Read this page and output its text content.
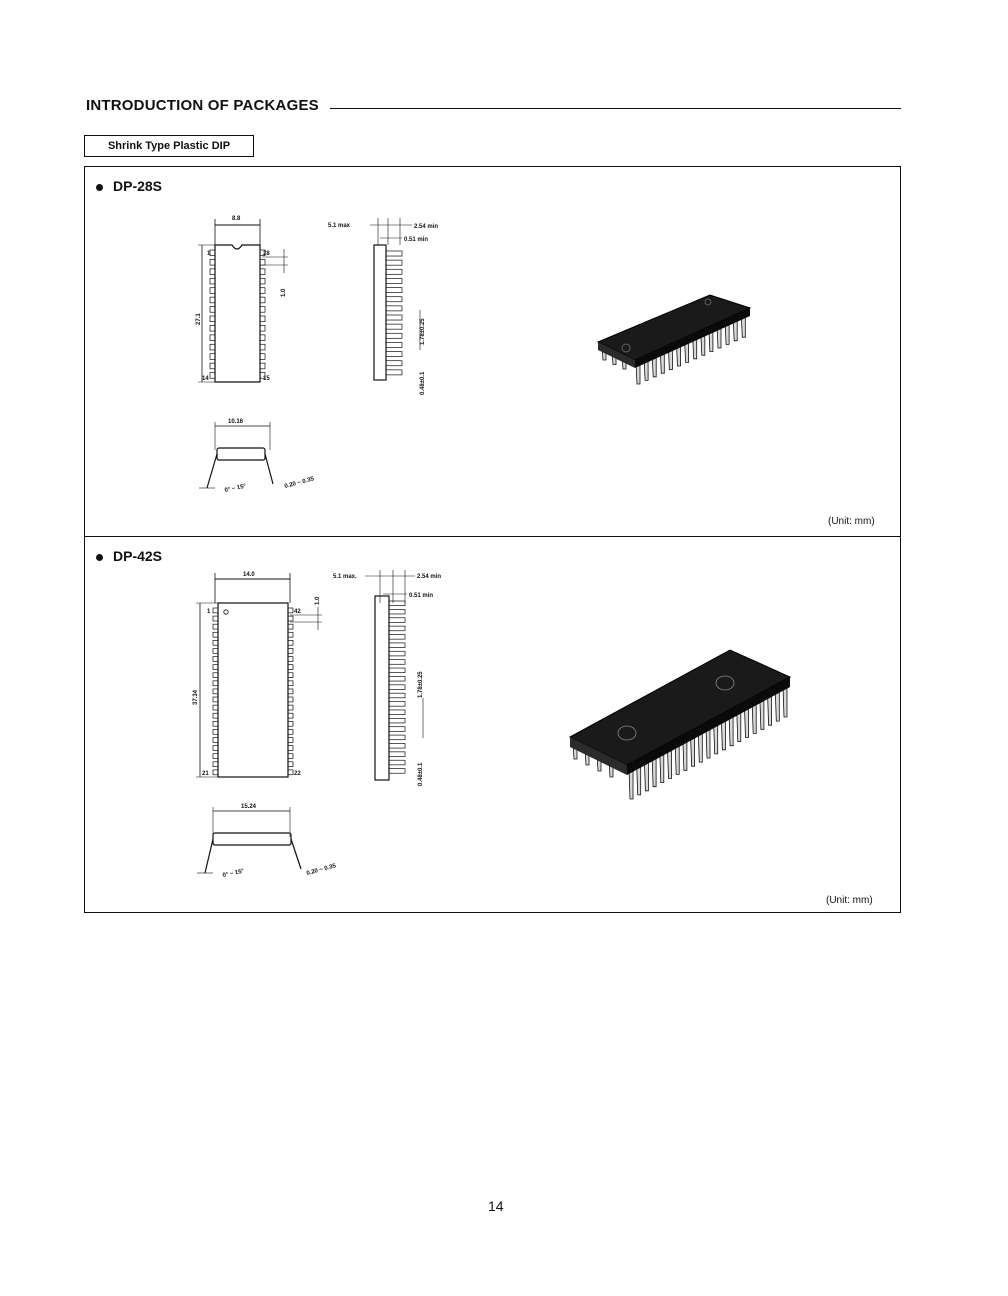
INTRODUCTION OF PACKAGES
Shrink Type Plastic DIP
DP-28S
8.8
27.1
1	28
14	15
1.0
5.1 max	2.54 min
0.51 min
1.78±0.25
0.48±0.1
10.16
0° ~ 15°	0.20 ~ 0.35
(Unit: mm)
DP-42S
14.0
37.34
1	42
21	22
1.0
5.1 max.	2.54 min
0.51 min
1.78±0.25
0.48±0.1
15.24
0° ~ 15°	0.20 ~ 0.35
(Unit: mm)
14
